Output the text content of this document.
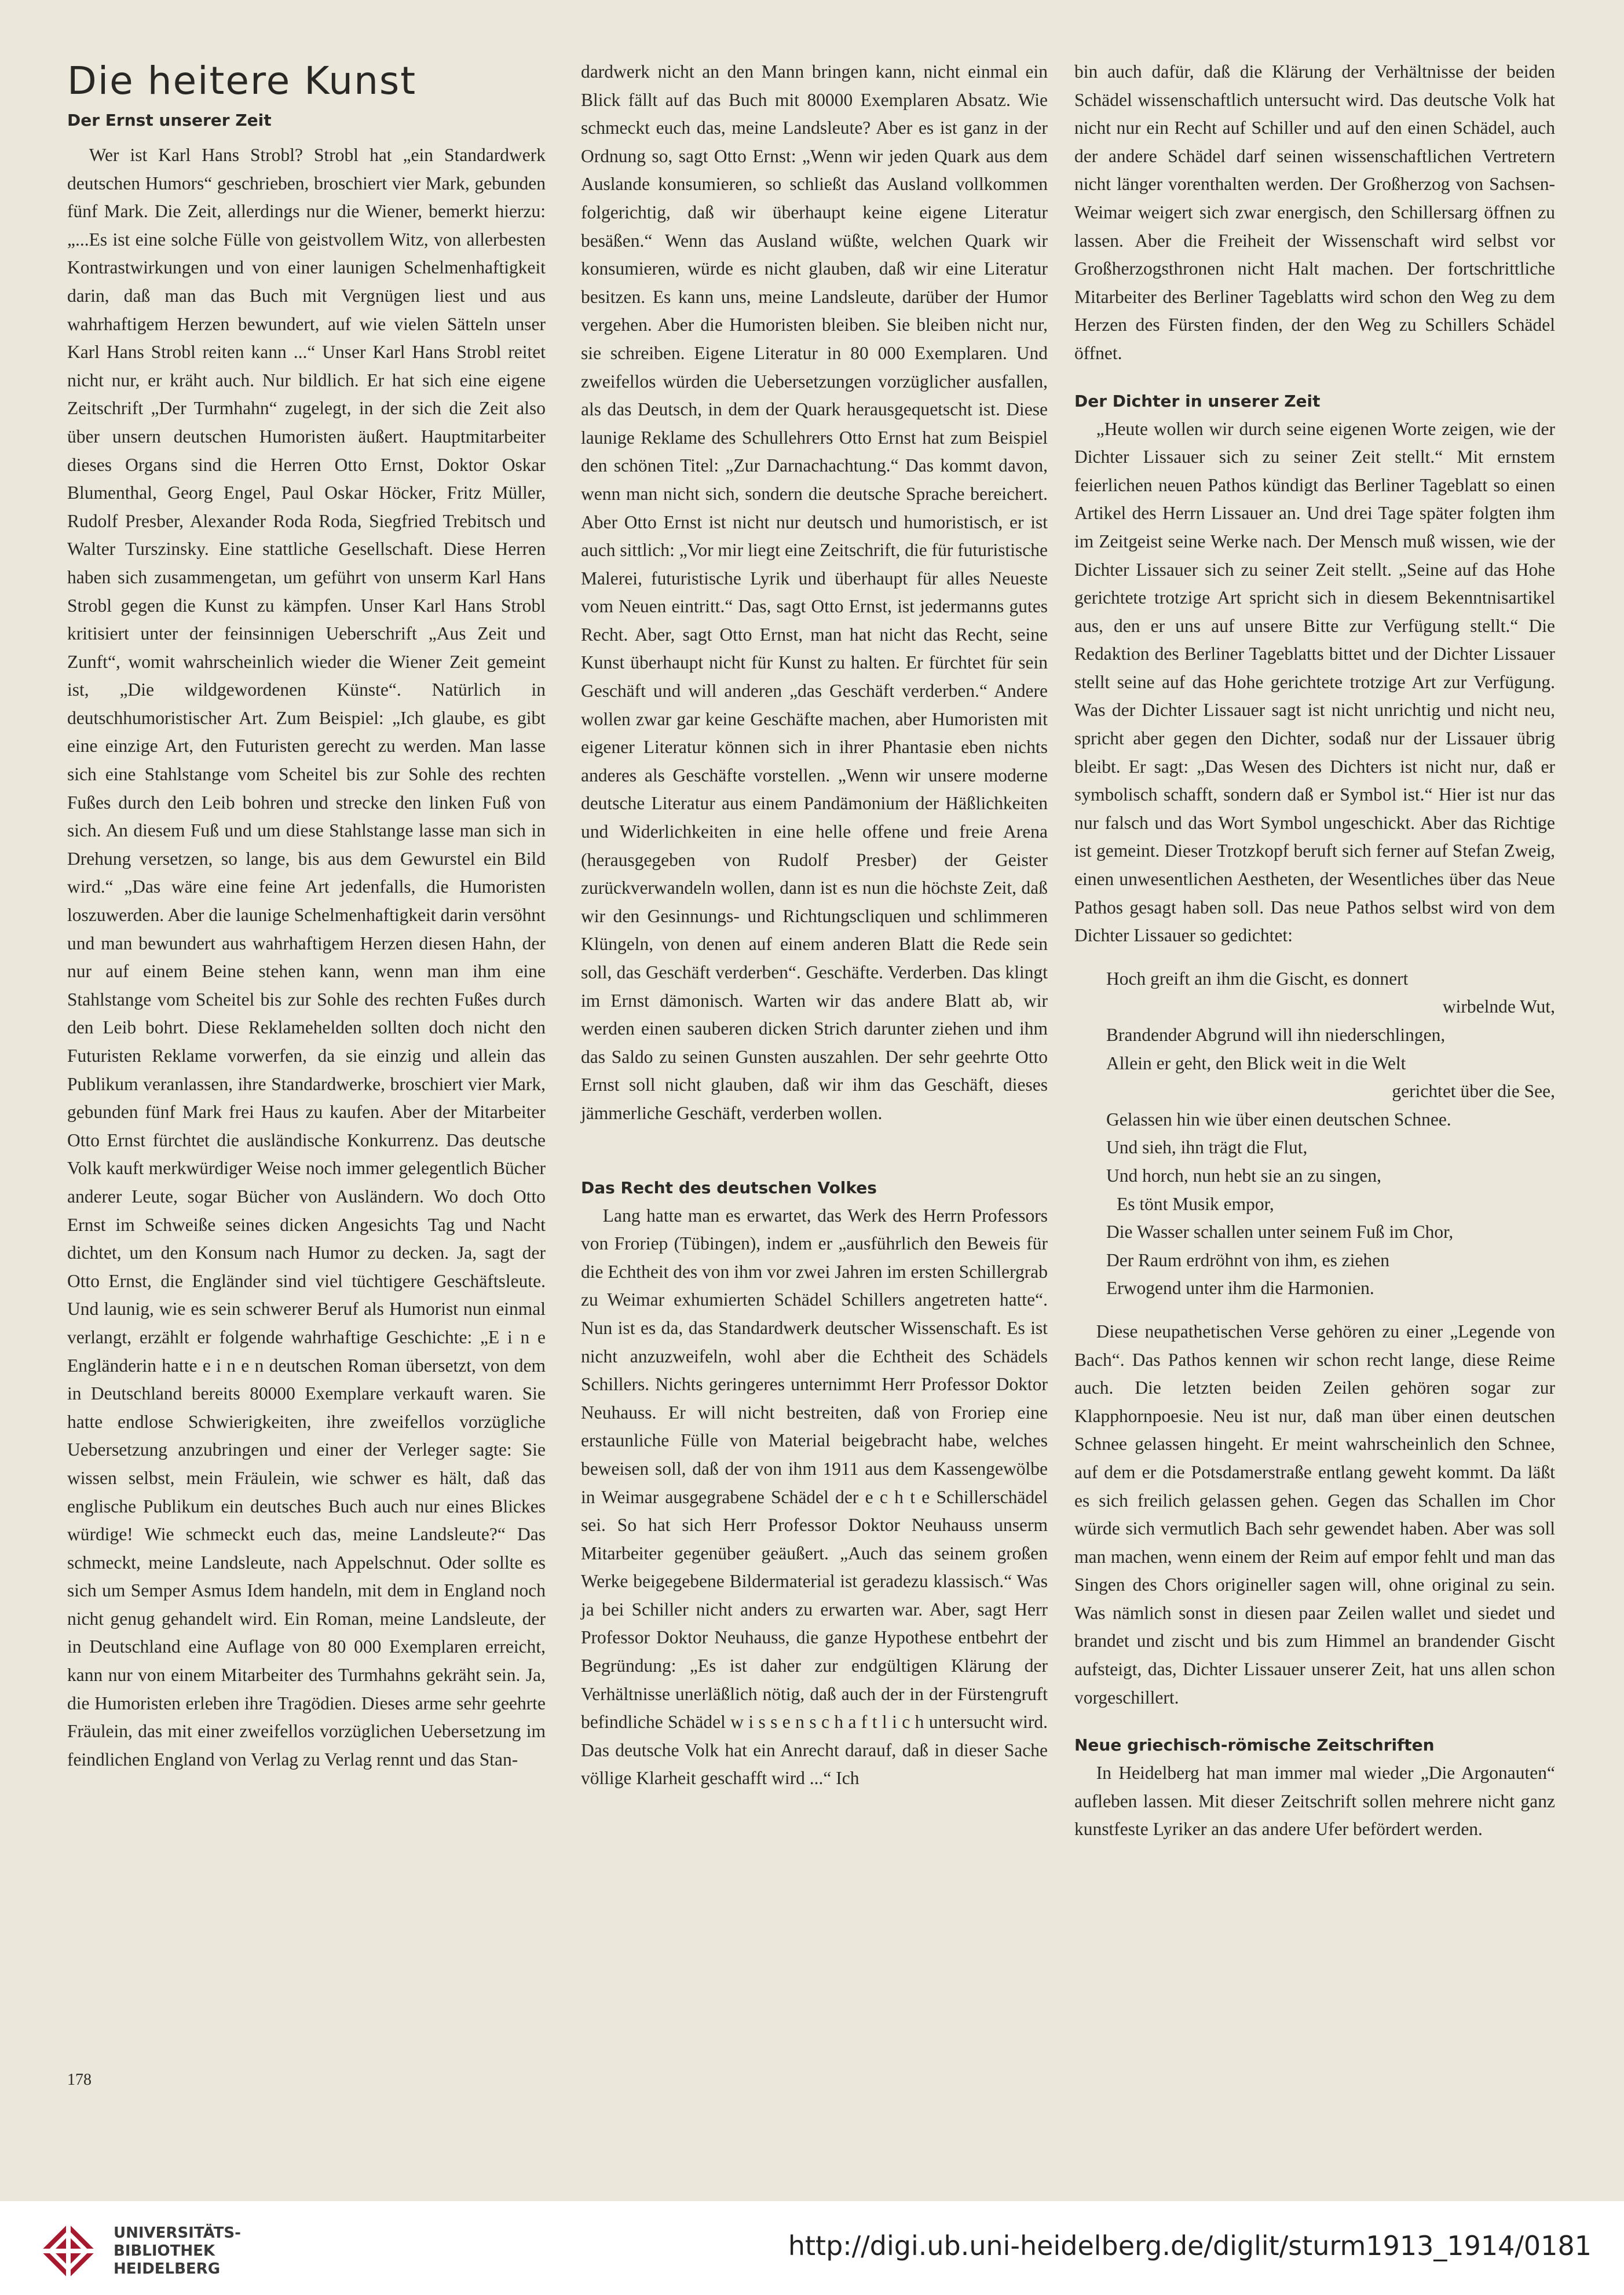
Die heitere Kunst
Der Ernst unserer Zeit

Wer ist Karl Hans Strobl? Strobl hat „ein Standardwerk deutschen Humors“ geschrieben, broschiert vier Mark, gebunden fünf Mark. Die Zeit, allerdings nur die Wiener, bemerkt hierzu: „...Es ist eine solche Fülle von geistvollem Witz, von allerbesten Kontrastwirkungen und von einer launigen Schelmenhaftigkeit darin, daß man das Buch mit Vergnügen liest und aus wahrhaftigem Herzen bewundert, auf wie vielen Sätteln unser Karl Hans Strobl reiten kann ...“ Unser Karl Hans Strobl reitet nicht nur, er kräht auch. Nur bildlich. Er hat sich eine eigene Zeitschrift „Der Turmhahn“ zugelegt, in der sich die Zeit also über unsern deutschen Humoristen äußert. Hauptmitarbeiter dieses Organs sind die Herren Otto Ernst, Doktor Oskar Blumenthal, Georg Engel, Paul Oskar Höcker, Fritz Müller, Rudolf Presber, Alexander Roda Roda, Siegfried Trebitsch und Walter Turszinsky. Eine stattliche Gesellschaft. Diese Herren haben sich zusammengetan, um geführt von unserm Karl Hans Strobl gegen die Kunst zu kämpfen. Unser Karl Hans Strobl kritisiert unter der feinsinnigen Ueberschrift „Aus Zeit und Zunft“, womit wahrscheinlich wieder die Wiener Zeit gemeint ist, „Die wildgewordenen Künste“. Natürlich in deutschhumoristischer Art. Zum Beispiel: „Ich glaube, es gibt eine einzige Art, den Futuristen gerecht zu werden. Man lasse sich eine Stahlstange vom Scheitel bis zur Sohle des rechten Fußes durch den Leib bohren und strecke den linken Fuß von sich. An diesem Fuß und um diese Stahlstange lasse man sich in Drehung versetzen, so lange, bis aus dem Gewurstel ein Bild wird.“ „Das wäre eine feine Art jedenfalls, die Humoristen loszuwerden. Aber die launige Schelmenhaftigkeit darin versöhnt und man bewundert aus wahrhaftigem Herzen diesen Hahn, der nur auf einem Beine stehen kann, wenn man ihm eine Stahlstange vom Scheitel bis zur Sohle des rechten Fußes durch den Leib bohrt. Diese Reklamehelden sollten doch nicht den Futuristen Reklame vorwerfen, da sie einzig und allein das Publikum veranlassen, ihre Standardwerke, broschiert vier Mark, gebunden fünf Mark frei Haus zu kaufen. Aber der Mitarbeiter Otto Ernst fürchtet die ausländische Konkurrenz. Das deutsche Volk kauft merkwürdiger Weise noch immer gelegentlich Bücher anderer Leute, sogar Bücher von Ausländern. Wo doch Otto Ernst im Schweiße seines dicken Angesichts Tag und Nacht dichtet, um den Konsum nach Humor zu decken. Ja, sagt der Otto Ernst, die Engländer sind viel tüchtigere Geschäftsleute. Und launig, wie es sein schwerer Beruf als Humorist nun einmal verlangt, erzählt er folgende wahrhaftige Geschichte: „E i n e Engländerin hatte e i n e n deutschen Roman übersetzt, von dem in Deutschland bereits 80000 Exemplare verkauft waren. Sie hatte endlose Schwierigkeiten, ihre zweifellos vorzügliche Uebersetzung anzubringen und einer der Verleger sagte: Sie wissen selbst, mein Fräulein, wie schwer es hält, daß das englische Publikum ein deutsches Buch auch nur eines Blickes würdige! Wie schmeckt euch das, meine Landsleute?“ Das schmeckt, meine Landsleute, nach Appelschnut. Oder sollte es sich um Semper Asmus Idem handeln, mit dem in England noch nicht genug gehandelt wird. Ein Roman, meine Landsleute, der in Deutschland eine Auflage von 80 000 Exemplaren erreicht, kann nur von einem Mitarbeiter des Turmhahns gekräht sein. Ja, die Humoristen erleben ihre Tragödien. Dieses arme sehr geehrte Fräulein, das mit einer zweifellos vorzüglichen Uebersetzung im feindlichen England von Verlag zu Verlag rennt und das Stan-

dardwerk nicht an den Mann bringen kann, nicht einmal ein Blick fällt auf das Buch mit 80000 Exemplaren Absatz. Wie schmeckt euch das, meine Landsleute? Aber es ist ganz in der Ordnung so, sagt Otto Ernst: „Wenn wir jeden Quark aus dem Auslande konsumieren, so schließt das Ausland vollkommen folgerichtig, daß wir überhaupt keine eigene Literatur besäßen.“ Wenn das Ausland wüßte, welchen Quark wir konsumieren, würde es nicht glauben, daß wir eine Literatur besitzen. Es kann uns, meine Landsleute, darüber der Humor vergehen. Aber die Humoristen bleiben. Sie bleiben nicht nur, sie schreiben. Eigene Literatur in 80 000 Exemplaren. Und zweifellos würden die Uebersetzungen vorzüglicher ausfallen, als das Deutsch, in dem der Quark herausgequetscht ist. Diese launige Reklame des Schullehrers Otto Ernst hat zum Beispiel den schönen Titel: „Zur Darnachachtung.“ Das kommt davon, wenn man nicht sich, sondern die deutsche Sprache bereichert. Aber Otto Ernst ist nicht nur deutsch und humoristisch, er ist auch sittlich: „Vor mir liegt eine Zeitschrift, die für futuristische Malerei, futuristische Lyrik und überhaupt für alles Neueste vom Neuen eintritt.“ Das, sagt Otto Ernst, ist jedermanns gutes Recht. Aber, sagt Otto Ernst, man hat nicht das Recht, seine Kunst überhaupt nicht für Kunst zu halten. Er fürchtet für sein Geschäft und will anderen „das Geschäft verderben.“ Andere wollen zwar gar keine Geschäfte machen, aber Humoristen mit eigener Literatur können sich in ihrer Phantasie eben nichts anderes als Geschäfte vorstellen. „Wenn wir unsere moderne deutsche Literatur aus einem Pandämonium der Häßlichkeiten und Widerlichkeiten in eine helle offene und freie Arena (herausgegeben von Rudolf Presber) der Geister zurückverwandeln wollen, dann ist es nun die höchste Zeit, daß wir den Gesinnungs- und Richtungscliquen und schlimmeren Klüngeln, von denen auf einem anderen Blatt die Rede sein soll, das Geschäft verderben“. Geschäfte. Verderben. Das klingt im Ernst dämonisch. Warten wir das andere Blatt ab, wir werden einen sauberen dicken Strich darunter ziehen und ihm das Saldo zu seinen Gunsten auszahlen. Der sehr geehrte Otto Ernst soll nicht glauben, daß wir ihm das Geschäft, dieses jämmerliche Geschäft, verderben wollen.

Das Recht des deutschen Volkes

Lang hatte man es erwartet, das Werk des Herrn Professors von Froriep (Tübingen), indem er „ausführlich den Beweis für die Echtheit des von ihm vor zwei Jahren im ersten Schillergrab zu Weimar exhumierten Schädel Schillers angetreten hatte“. Nun ist es da, das Standardwerk deutscher Wissenschaft. Es ist nicht anzuzweifeln, wohl aber die Echtheit des Schädels Schillers. Nichts geringeres unternimmt Herr Professor Doktor Neuhauss. Er will nicht bestreiten, daß von Froriep eine erstaunliche Fülle von Material beigebracht habe, welches beweisen soll, daß der von ihm 1911 aus dem Kassengewölbe in Weimar ausgegrabene Schädel der e c h t e Schillerschädel sei. So hat sich Herr Professor Doktor Neuhauss unserm Mitarbeiter gegenüber geäußert. „Auch das seinem großen Werke beigegebene Bildermaterial ist geradezu klassisch.“ Was ja bei Schiller nicht anders zu erwarten war. Aber, sagt Herr Professor Doktor Neuhauss, die ganze Hypothese entbehrt der Begründung: „Es ist daher zur endgültigen Klärung der Verhältnisse unerläßlich nötig, daß auch der in der Fürstengruft befindliche Schädel w i s s e n s c h a f t l i c h untersucht wird. Das deutsche Volk hat ein Anrecht darauf, daß in dieser Sache völlige Klarheit geschafft wird ...“ Ich

bin auch dafür, daß die Klärung der Verhältnisse der beiden Schädel wissenschaftlich untersucht wird. Das deutsche Volk hat nicht nur ein Recht auf Schiller und auf den einen Schädel, auch der andere Schädel darf seinen wissenschaftlichen Vertretern nicht länger vorenthalten werden. Der Großherzog von Sachsen-Weimar weigert sich zwar energisch, den Schillersarg öffnen zu lassen. Aber die Freiheit der Wissenschaft wird selbst vor Großherzogsthronen nicht Halt machen. Der fortschrittliche Mitarbeiter des Berliner Tageblatts wird schon den Weg zu dem Herzen des Fürsten finden, der den Weg zu Schillers Schädel öffnet.

Der Dichter in unserer Zeit

„Heute wollen wir durch seine eigenen Worte zeigen, wie der Dichter Lissauer sich zu seiner Zeit stellt.“ Mit ernstem feierlichen neuen Pathos kündigt das Berliner Tageblatt so einen Artikel des Herrn Lissauer an. Und drei Tage später folgten ihm im Zeitgeist seine Werke nach. Der Mensch muß wissen, wie der Dichter Lissauer sich zu seiner Zeit stellt. „Seine auf das Hohe gerichtete trotzige Art spricht sich in diesem Bekenntnisartikel aus, den er uns auf unsere Bitte zur Verfügung stellt.“ Die Redaktion des Berliner Tageblatts bittet und der Dichter Lissauer stellt seine auf das Hohe gerichtete trotzige Art zur Verfügung. Was der Dichter Lissauer sagt ist nicht unrichtig und nicht neu, spricht aber gegen den Dichter, sodaß nur der Lissauer übrig bleibt. Er sagt: „Das Wesen des Dichters ist nicht nur, daß er symbolisch schafft, sondern daß er Symbol ist.“ Hier ist nur das nur falsch und das Wort Symbol ungeschickt. Aber das Richtige ist gemeint. Dieser Trotzkopf beruft sich ferner auf Stefan Zweig, einen unwesentlichen Aestheten, der Wesentliches über das Neue Pathos gesagt haben soll. Das neue Pathos selbst wird von dem Dichter Lissauer so gedichtet:

Hoch greift an ihm die Gischt, es donnert
wirbelnde Wut,
Brandender Abgrund will ihn niederschlingen,
Allein er geht, den Blick weit in die Welt
gerichtet über die See,
Gelassen hin wie über einen deutschen Schnee.
Und sieh, ihn trägt die Flut,
Und horch, nun hebt sie an zu singen,
Es tönt Musik empor,
Die Wasser schallen unter seinem Fuß im Chor,
Der Raum erdröhnt von ihm, es ziehen
Erwogend unter ihm die Harmonien.

Diese neupathetischen Verse gehören zu einer „Legende von Bach“. Das Pathos kennen wir schon recht lange, diese Reime auch. Die letzten beiden Zeilen gehören sogar zur Klapphornpoesie. Neu ist nur, daß man über einen deutschen Schnee gelassen hingeht. Er meint wahrscheinlich den Schnee, auf dem er die Potsdamerstraße entlang geweht kommt. Da läßt es sich freilich gelassen gehen. Gegen das Schallen im Chor würde sich vermutlich Bach sehr gewendet haben. Aber was soll man machen, wenn einem der Reim auf empor fehlt und man das Singen des Chors origineller sagen will, ohne original zu sein. Was nämlich sonst in diesen paar Zeilen wallet und siedet und brandet und zischt und bis zum Himmel an brandender Gischt aufsteigt, das, Dichter Lissauer unserer Zeit, hat uns allen schon vorgeschillert.

Neue griechisch-römische Zeitschriften

In Heidelberg hat man immer mal wieder „Die Argonauten“ aufleben lassen. Mit dieser Zeitschrift sollen mehrere nicht ganz kunstfeste Lyriker an das andere Ufer befördert werden.

178
UNIVERSITÄTS-
BIBLIOTHEK
HEIDELBERG
http://digi.ub.uni-heidelberg.de/diglit/sturm1913_1914/0181
